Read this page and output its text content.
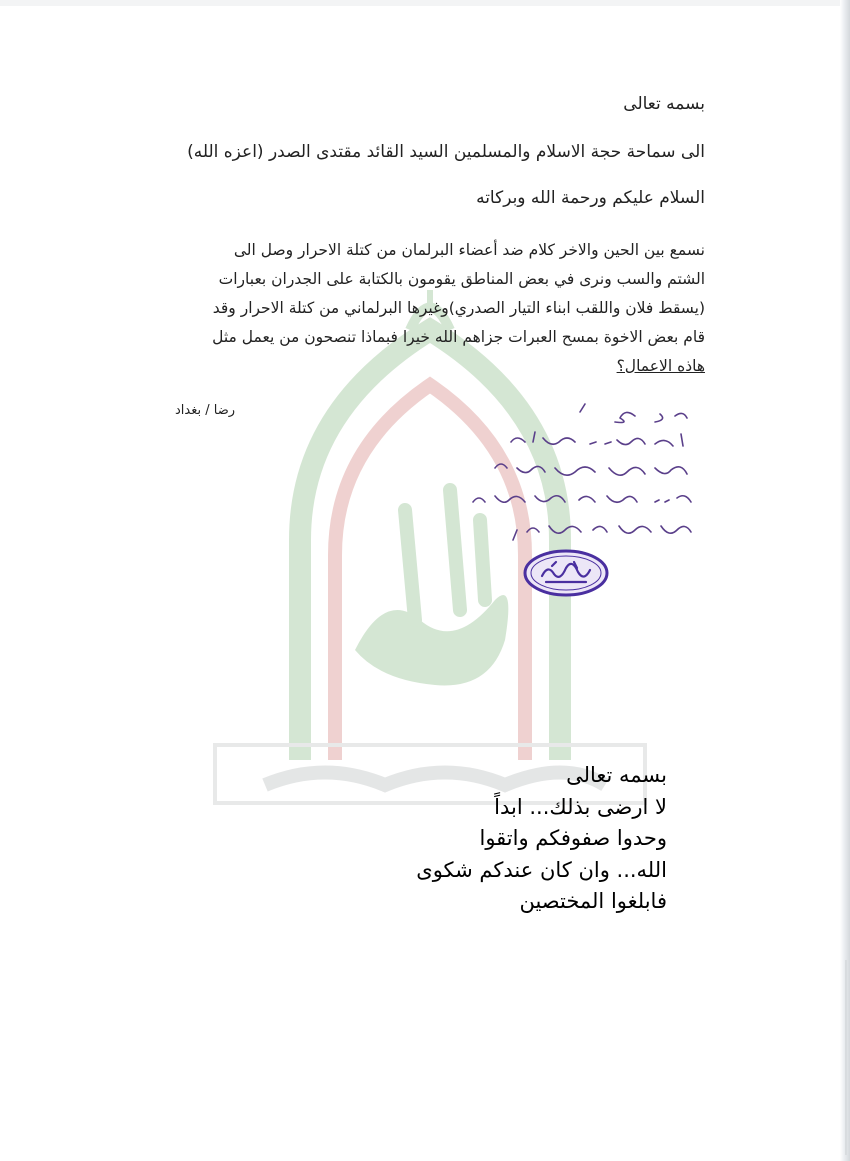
بسمه تعالى
الى سماحة حجة الاسلام والمسلمين السيد القائد مقتدى الصدر (اعزه الله)
السلام عليكم ورحمة الله وبركاته
نسمع بين الحين والاخر كلام ضد أعضاء البرلمان من كتلة الاحرار وصل الى
الشتم والسب ونرى في بعض المناطق يقومون بالكتابة على الجدران بعبارات
(يسقط فلان واللقب ابناء التيار الصدري)وغيرها البرلماني من كتلة الاحرار وقد
قام بعض الاخوة بمسح العبرات جزاهم الله خيرا فبماذا تنصحون من يعمل مثل
هاذه الاعمال؟
رضا / بغداد
بسمه تعالى
لا ارضى بذلك... ابداً
وحدوا صفوفكم واتقوا
الله... وان كان عندكم شكوى
فابلغوا المختصين
